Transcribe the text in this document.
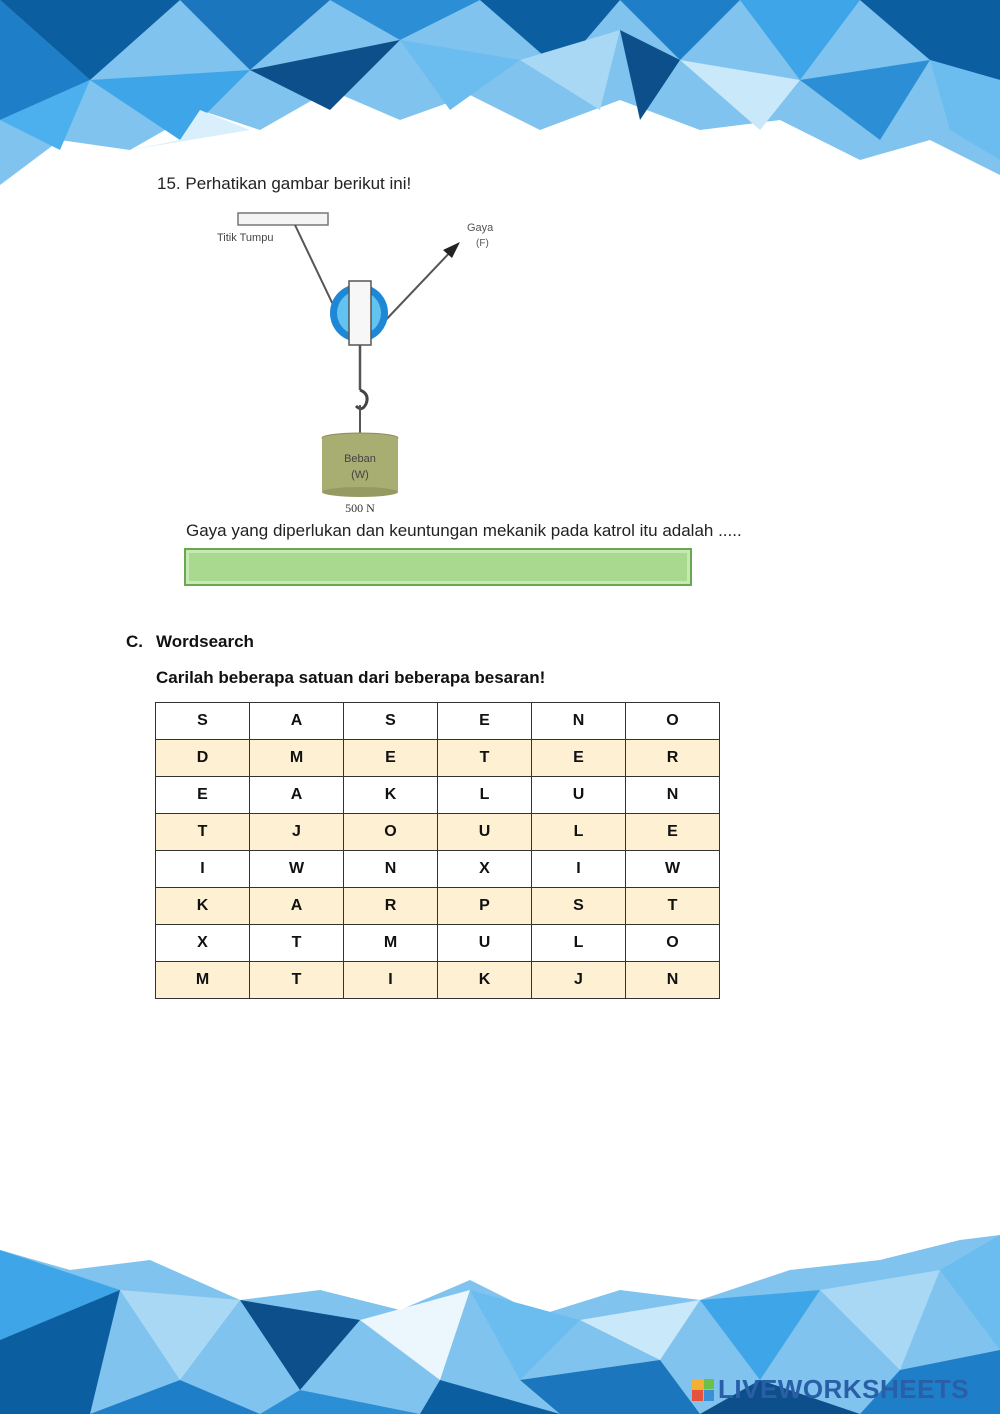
15. Perhatikan gambar berikut ini!
Titik Tumpu
Gaya
(F)
Beban
(W)
500 N
Gaya yang diperlukan dan keuntungan mekanik pada katrol itu adalah .....
C. Wordsearch
Carilah beberapa satuan dari beberapa besaran!
S	A	S	E	N	O
D	M	E	T	E	R
E	A	K	L	U	N
T	J	O	U	L	E
I	W	N	X	I	W
K	A	R	P	S	T
X	T	M	U	L	O
M	T	I	K	J	N
LIVEWORKSHEETS
